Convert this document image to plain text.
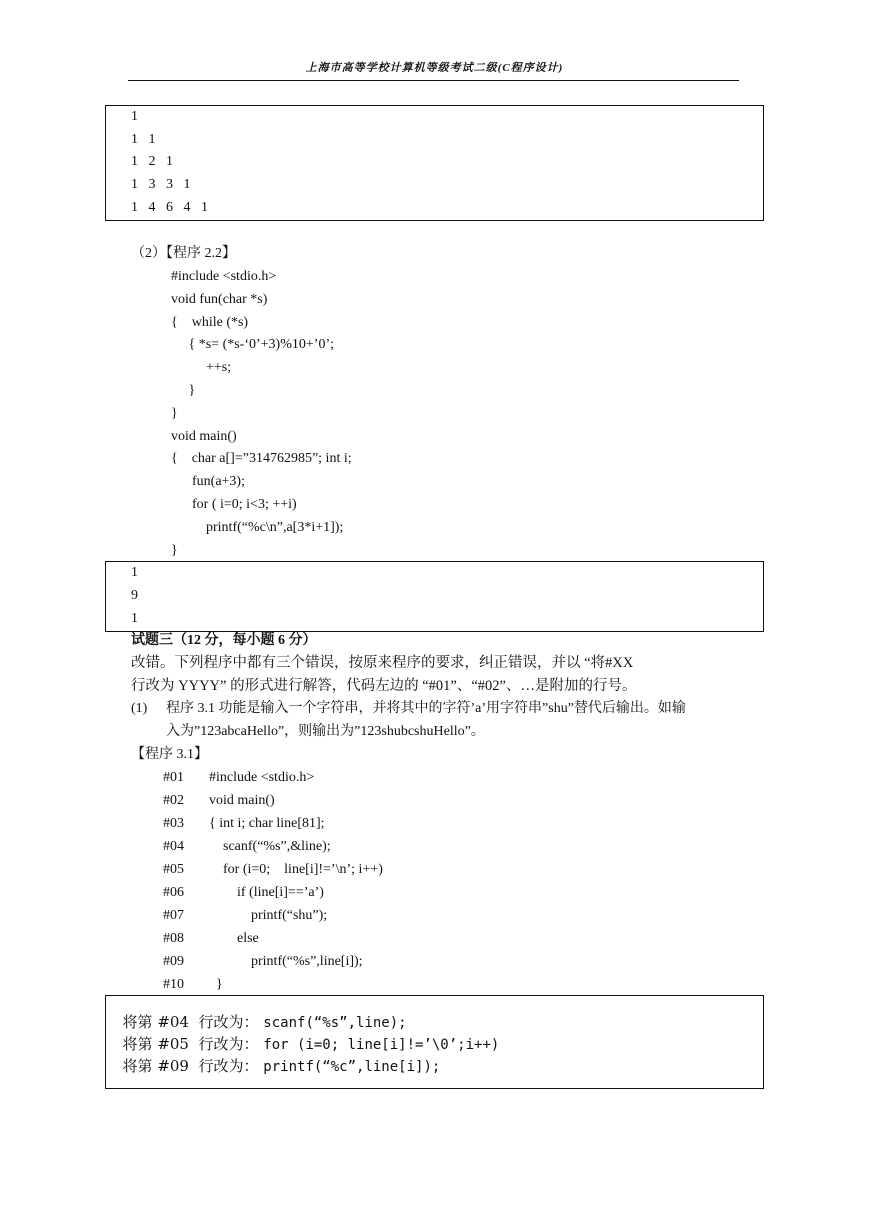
上海市高等学校计算机等级考试二级(C程序设计)
1
1   1
1   2   1
1   3   3   1
1   4   6   4   1
（2）【程序 2.2】
#include <stdio.h>
void fun(char *s)
{    while (*s)
{ *s= (*s-‘0’+3)%10+’0’;
++s;
}
}
void main()
{    char a[]=”314762985”; int i;
fun(a+3);
for ( i=0; i<3; ++i)
printf(“%c\n”,a[3*i+1]);
}
1
9
1
试题三（12 分，每小题 6 分）
改错。下列程序中都有三个错误，按原来程序的要求，纠正错误，并以 “将#XX
行改为 YYYY” 的形式进行解答，代码左边的 “#01”、“#02”、…是附加的行号。
(1) 程序 3.1 功能是输入一个字符串，并将其中的字符’a’用字符串”shu”替代后输出。如输
入为”123abcaHello”，则输出为”123shubcshuHello”。
【程序 3.1】
#01 #include <stdio.h>
#02 void main()
#03 { int i; char line[81];
#04 scanf(“%s”,&line);
#05 for (i=0;    line[i]!=’\n’; i++)
#06 if (line[i]==’a’)
#07 printf(“shu”);
#08 else
#09 printf(“%s”,line[i]);
#10 }

将第 #04  行改为： scanf(“%s”,line);

将第 #05  行改为： for (i=0; line[i]!=’\0’;i++)

将第 #09  行改为： printf(“%c”,line[i]);
